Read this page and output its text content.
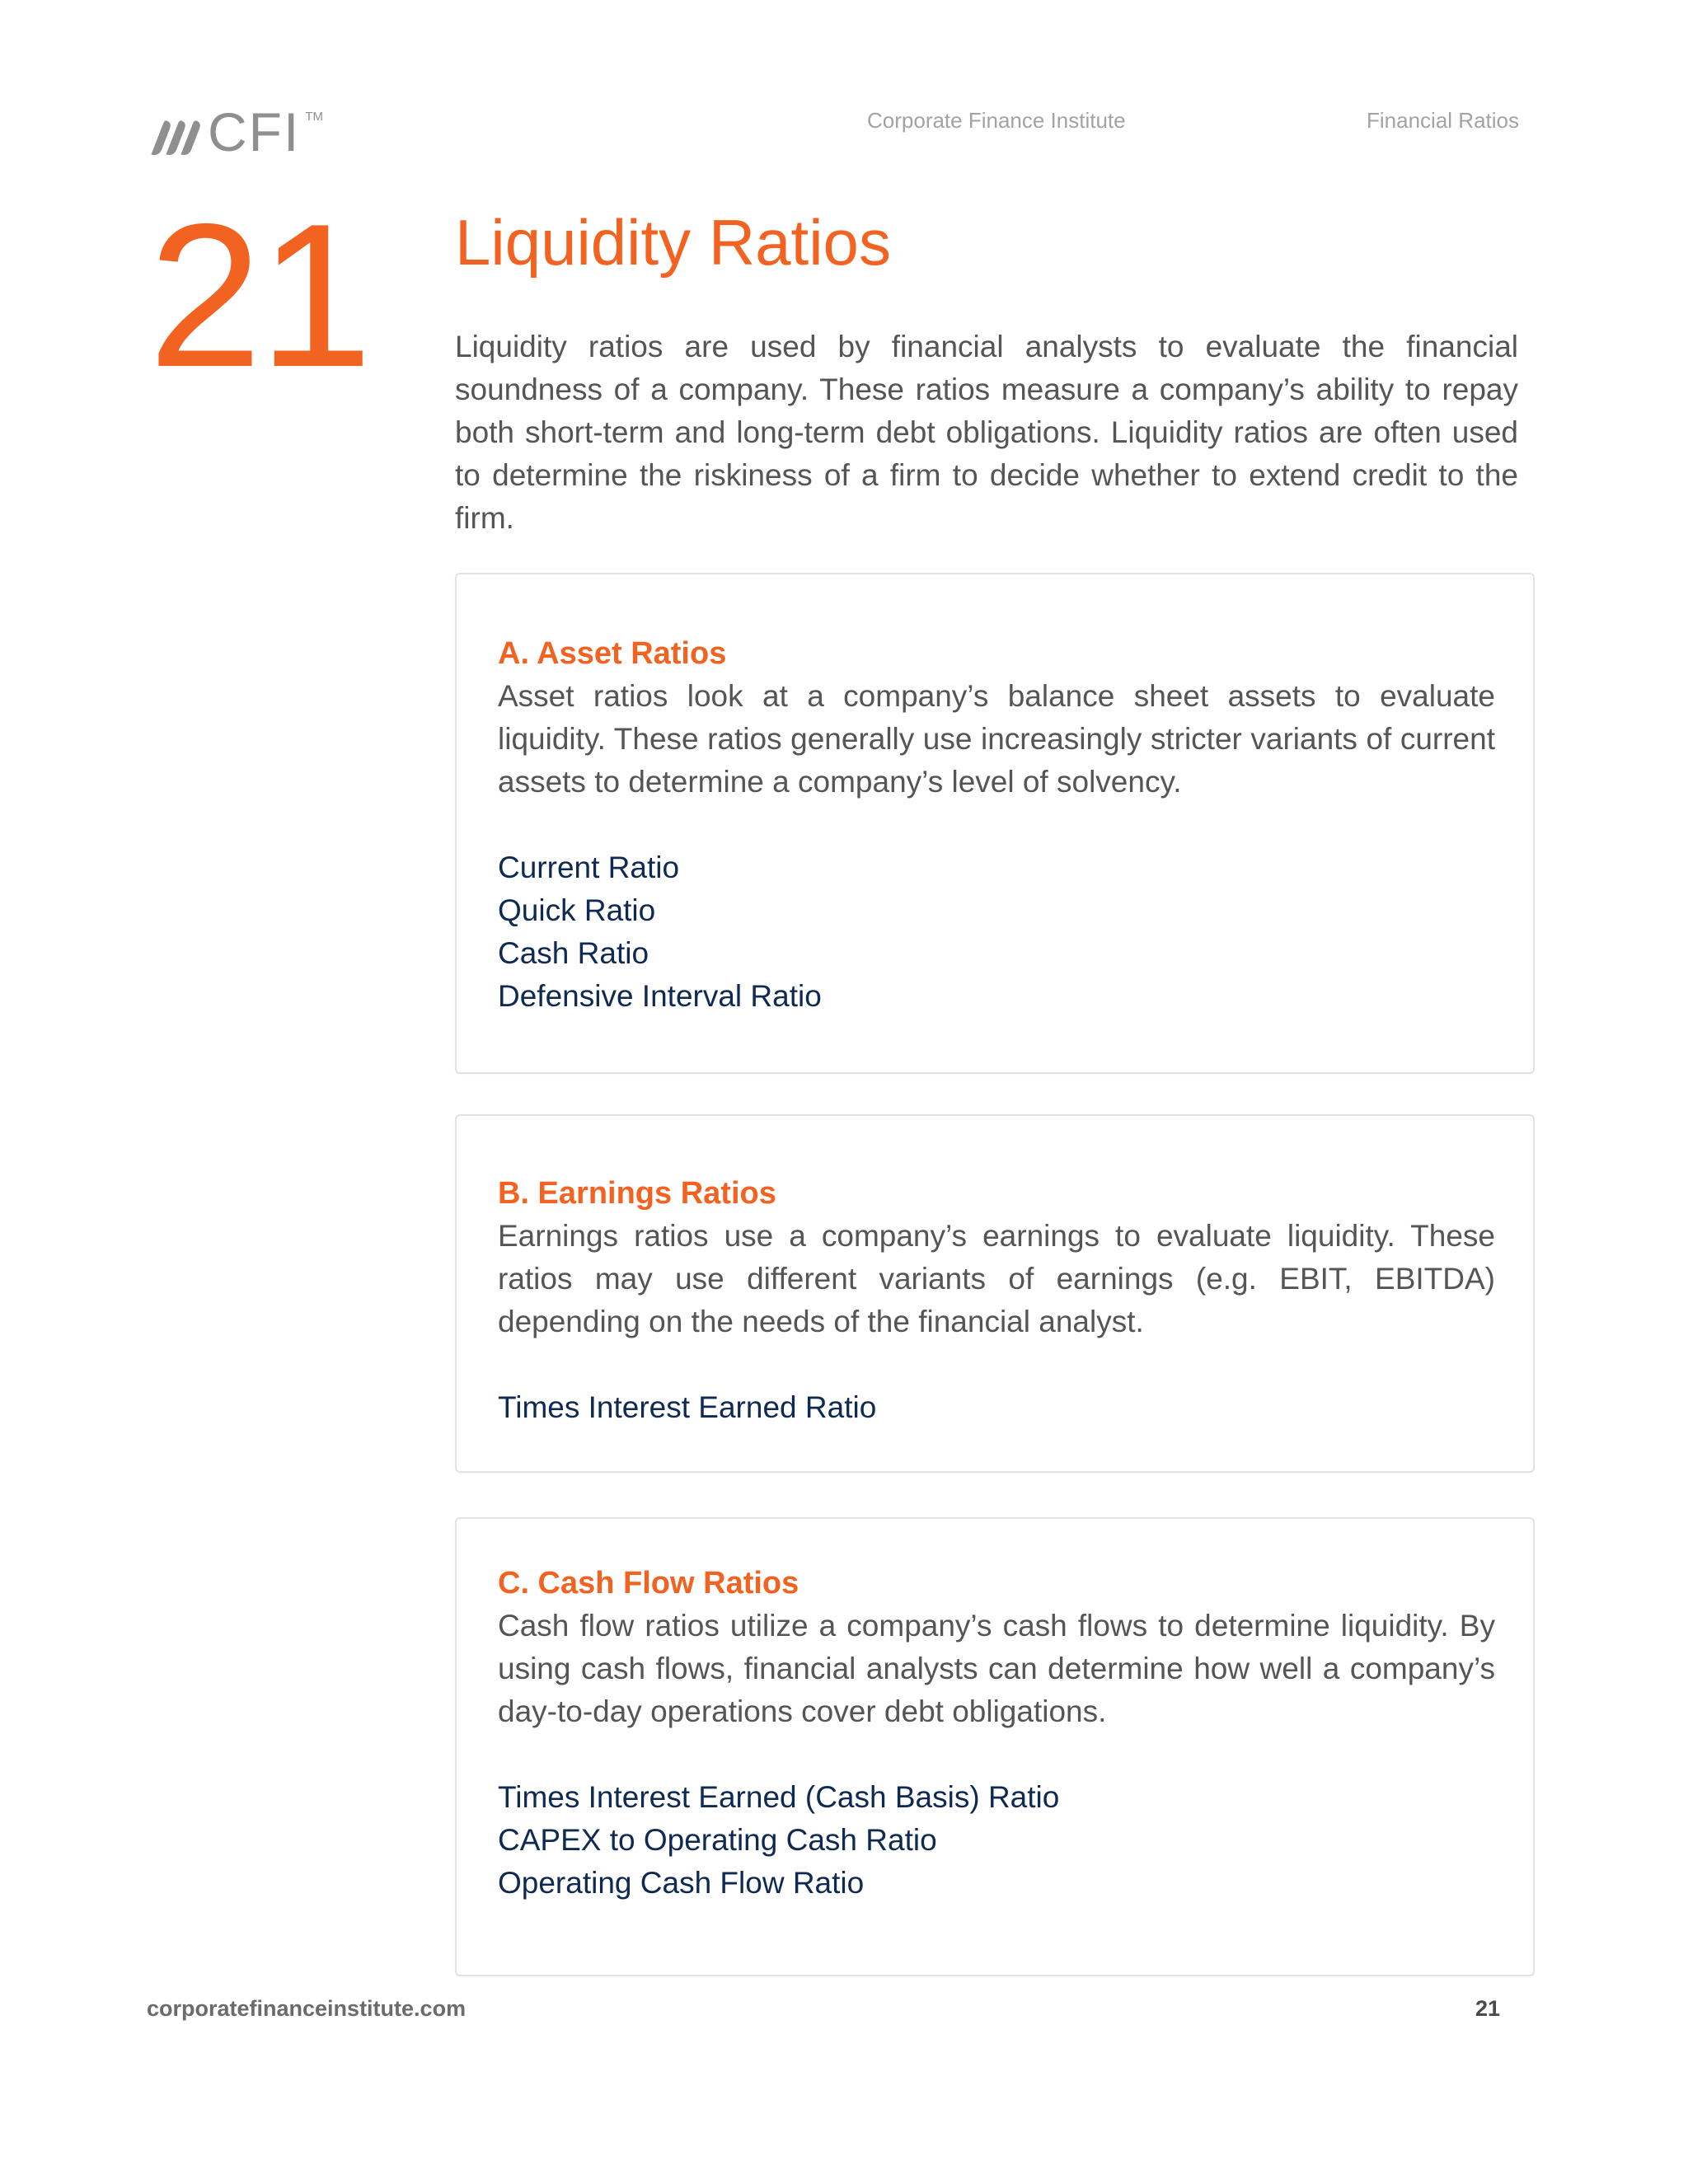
CFI TM	Corporate Finance Institute	Financial Ratios
21 Liquidity Ratios

Liquidity ratios are used by financial analysts to evaluate the financial soundness of a company. These ratios measure a company’s ability to repay both short-term and long-term debt obligations. Liquidity ratios are often used to determine the riskiness of a firm to decide whether to extend credit to the firm.

A. Asset Ratios

Asset ratios look at a company’s balance sheet assets to evaluate liquidity. These ratios generally use increasingly stricter variants of current assets to determine a company’s level of solvency.

Current Ratio
Quick Ratio
Cash Ratio
Defensive Interval Ratio
B. Earnings Ratios

Earnings ratios use a company’s earnings to evaluate liquidity. These ratios may use different variants of earnings (e.g. EBIT, EBITDA) depending on the needs of the financial analyst.

Times Interest Earned Ratio
C. Cash Flow Ratios

Cash flow ratios utilize a company’s cash flows to determine liquidity. By using cash flows, financial analysts can determine how well a company’s day-to-day operations cover debt obligations.

Times Interest Earned (Cash Basis) Ratio
CAPEX to Operating Cash Ratio
Operating Cash Flow Ratio
corporatefinanceinstitute.com	21
